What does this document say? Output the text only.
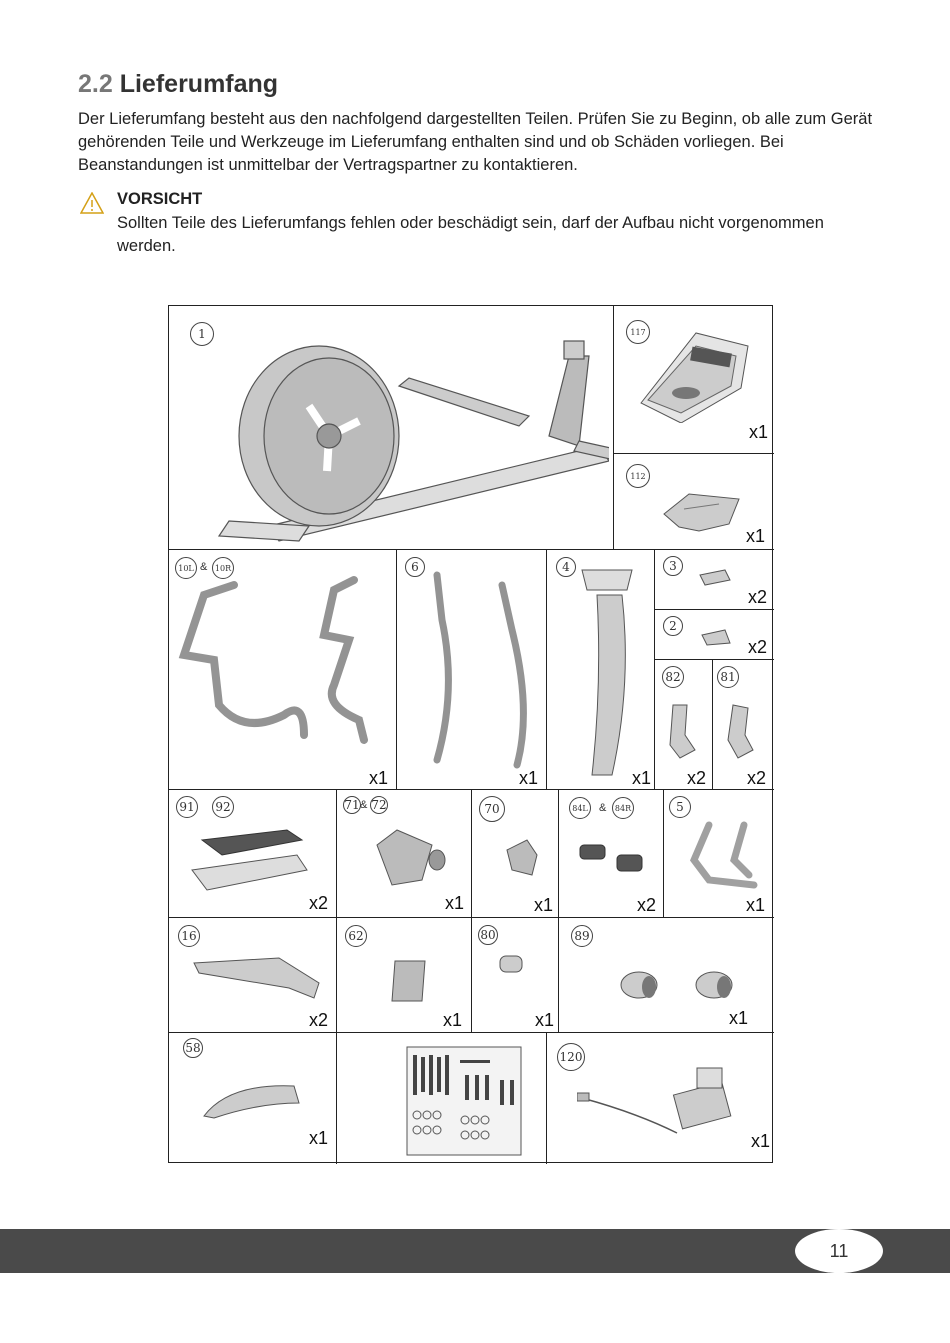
2.2 Lieferumfang
Der Lieferumfang besteht aus den nachfolgend dargestellten Teilen. Prüfen Sie zu Beginn, ob alle zum Gerät gehörenden Teile und Werkzeuge im Lieferumfang enthalten sind und ob Schäden vorliegen. Bei Beanstandungen ist unmittelbar der Vertragspartner zu kontaktieren.
VORSICHT
Sollten Teile des Lieferumfangs fehlen oder beschädigt sein, darf der Aufbau nicht vorgenommen werden.
1	117
x1
112
x1
10L & 10R
x1
6
x1
4
x1
3
x2
2
x2
82
x2
81
x2
91 92
x2
71 & 72
x1
70
x1
84L &	84R
x2
5
x1
16
x2
62
x1
80
x1
89
x1
58
x1
120
x1
11
